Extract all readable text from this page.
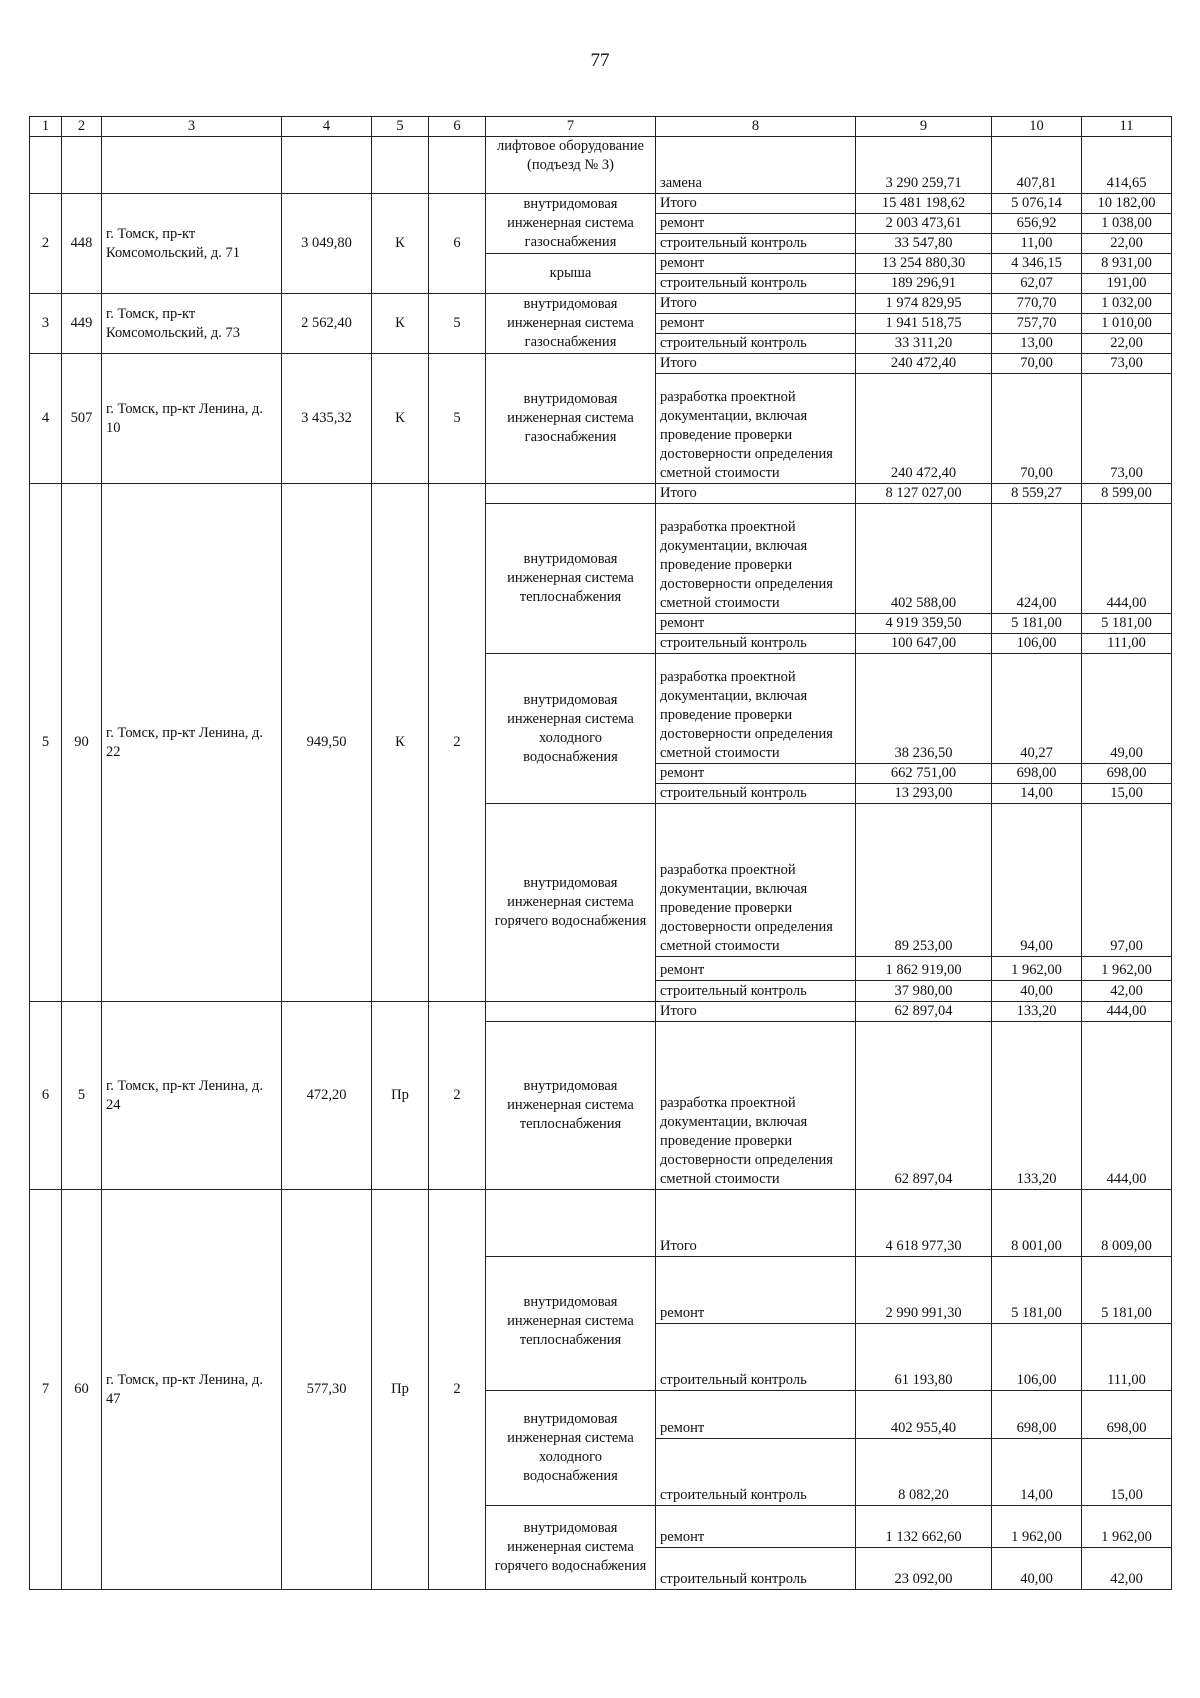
77
1	2	3	4	5	6	7	8	9	10	11
						лифтовое оборудование (подъезд № 3)	замена	3 290 259,71	407,81	414,65
2	448	г. Томск, пр-кт Комсомольский, д. 71	3 049,80	К	6	внутридомовая инженерная система газоснабжения	Итого	15 481 198,62	5 076,14	10 182,00
							ремонт	2 003 473,61	656,92	1 038,00
							строительный контроль	33 547,80	11,00	22,00
						крыша	ремонт	13 254 880,30	4 346,15	8 931,00
							строительный контроль	189 296,91	62,07	191,00
3	449	г. Томск, пр-кт Комсомольский, д. 73	2 562,40	К	5	внутридомовая инженерная система газоснабжения	Итого	1 974 829,95	770,70	1 032,00
							ремонт	1 941 518,75	757,70	1 010,00
							строительный контроль	33 311,20	13,00	22,00
4	507	г. Томск, пр-кт Ленина, д. 10	3 435,32	К	5	внутридомовая инженерная система газоснабжения	Итого	240 472,40	70,00	73,00
							разработка проектной документации, включая проведение проверки достоверности определения сметной стоимости	240 472,40	70,00	73,00
5	90	г. Томск, пр-кт Ленина, д. 22	949,50	К	2		Итого	8 127 027,00	8 559,27	8 599,00
						внутридомовая инженерная система теплоснабжения	разработка проектной документации, включая проведение проверки достоверности определения сметной стоимости	402 588,00	424,00	444,00
							ремонт	4 919 359,50	5 181,00	5 181,00
							строительный контроль	100 647,00	106,00	111,00
						внутридомовая инженерная система холодного водоснабжения	разработка проектной документации, включая проведение проверки достоверности определения сметной стоимости	38 236,50	40,27	49,00
							ремонт	662 751,00	698,00	698,00
							строительный контроль	13 293,00	14,00	15,00
						внутридомовая инженерная система горячего водоснабжения	разработка проектной документации, включая проведение проверки достоверности определения сметной стоимости	89 253,00	94,00	97,00
							ремонт	1 862 919,00	1 962,00	1 962,00
							строительный контроль	37 980,00	40,00	42,00
6	5	г. Томск, пр-кт Ленина, д. 24	472,20	Пр	2		Итого	62 897,04	133,20	444,00
						внутридомовая инженерная система теплоснабжения	разработка проектной документации, включая проведение проверки достоверности определения сметной стоимости	62 897,04	133,20	444,00
7	60	г. Томск, пр-кт Ленина, д. 47	577,30	Пр	2		Итого	4 618 977,30	8 001,00	8 009,00
						внутридомовая инженерная система теплоснабжения	ремонт	2 990 991,30	5 181,00	5 181,00
							строительный контроль	61 193,80	106,00	111,00
						внутридомовая инженерная система холодного водоснабжения	ремонт	402 955,40	698,00	698,00
							строительный контроль	8 082,20	14,00	15,00
						внутридомовая инженерная система горячего водоснабжения	ремонт	1 132 662,60	1 962,00	1 962,00
							строительный контроль	23 092,00	40,00	42,00
